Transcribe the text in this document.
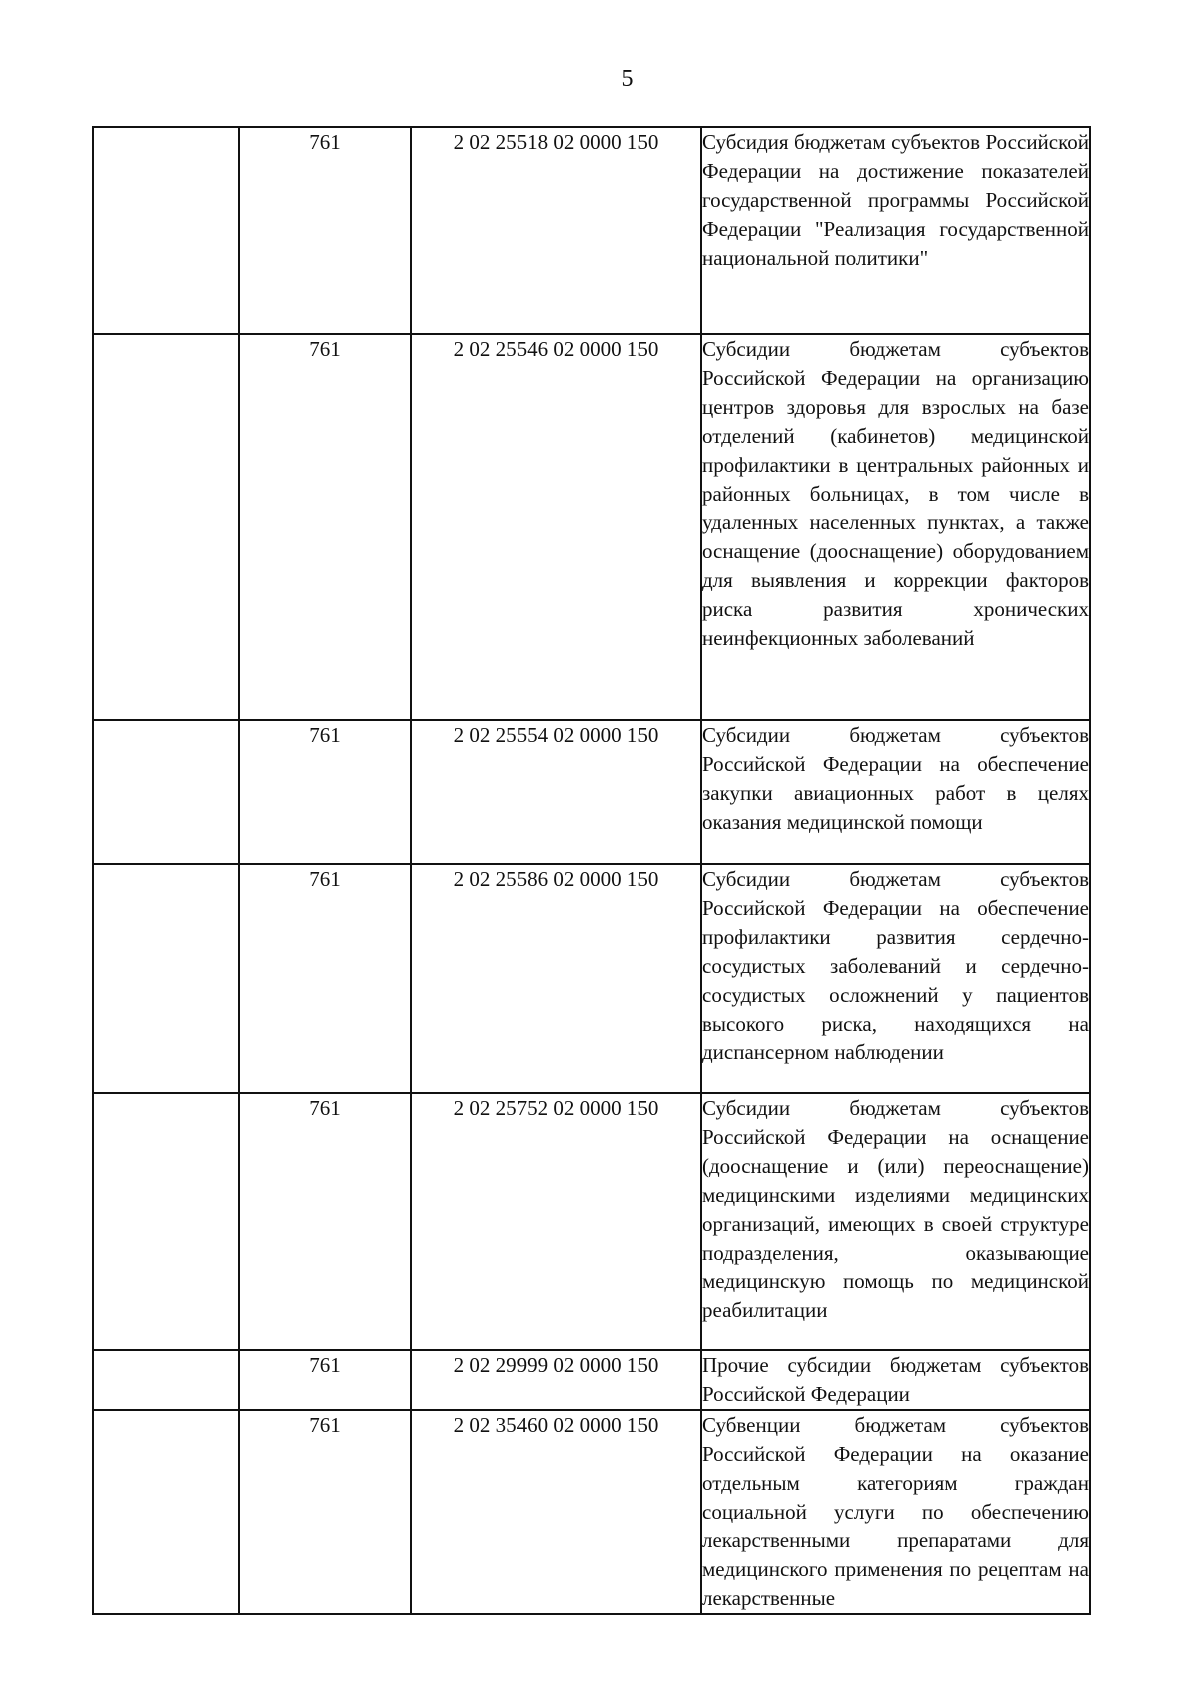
5
	761	2 02 25518 02 0000 150	Субсидия бюджетам субъектов Российской Федерации на достижение показателей государственной программы Российской Федерации "Реализация государственной национальной политики"
	761	2 02 25546 02 0000 150	Субсидии бюджетам субъектов Российской Федерации на организацию центров здоровья для взрослых на базе отделений (кабинетов) медицинской профилактики в центральных районных и районных больницах, в том числе в удаленных населенных пунктах, а также оснащение (дооснащение) оборудованием для выявления и коррекции факторов риска развития хронических неинфекционных заболеваний
	761	2 02 25554 02 0000 150	Субсидии бюджетам субъектов Российской Федерации на обеспечение закупки авиационных работ в целях оказания медицинской помощи
	761	2 02 25586 02 0000 150	Субсидии бюджетам субъектов Российской Федерации на обеспечение профилактики развития сердечно-сосудистых заболеваний и сердечно-сосудистых осложнений у пациентов высокого риска, находящихся на диспансерном наблюдении
	761	2 02 25752 02 0000 150	Субсидии бюджетам субъектов Российской Федерации на оснащение (дооснащение и (или) переоснащение) медицинскими изделиями медицинских организаций, имеющих в своей структуре подразделения, оказывающие медицинскую помощь по медицинской реабилитации
	761	2 02 29999 02 0000 150	Прочие субсидии бюджетам субъектов Российской Федерации
	761	2 02 35460 02 0000 150	Субвенции бюджетам субъектов Российской Федерации на оказание отдельным категориям граждан социальной услуги по обеспечению лекарственными препаратами для медицинского применения по рецептам на лекарственные
